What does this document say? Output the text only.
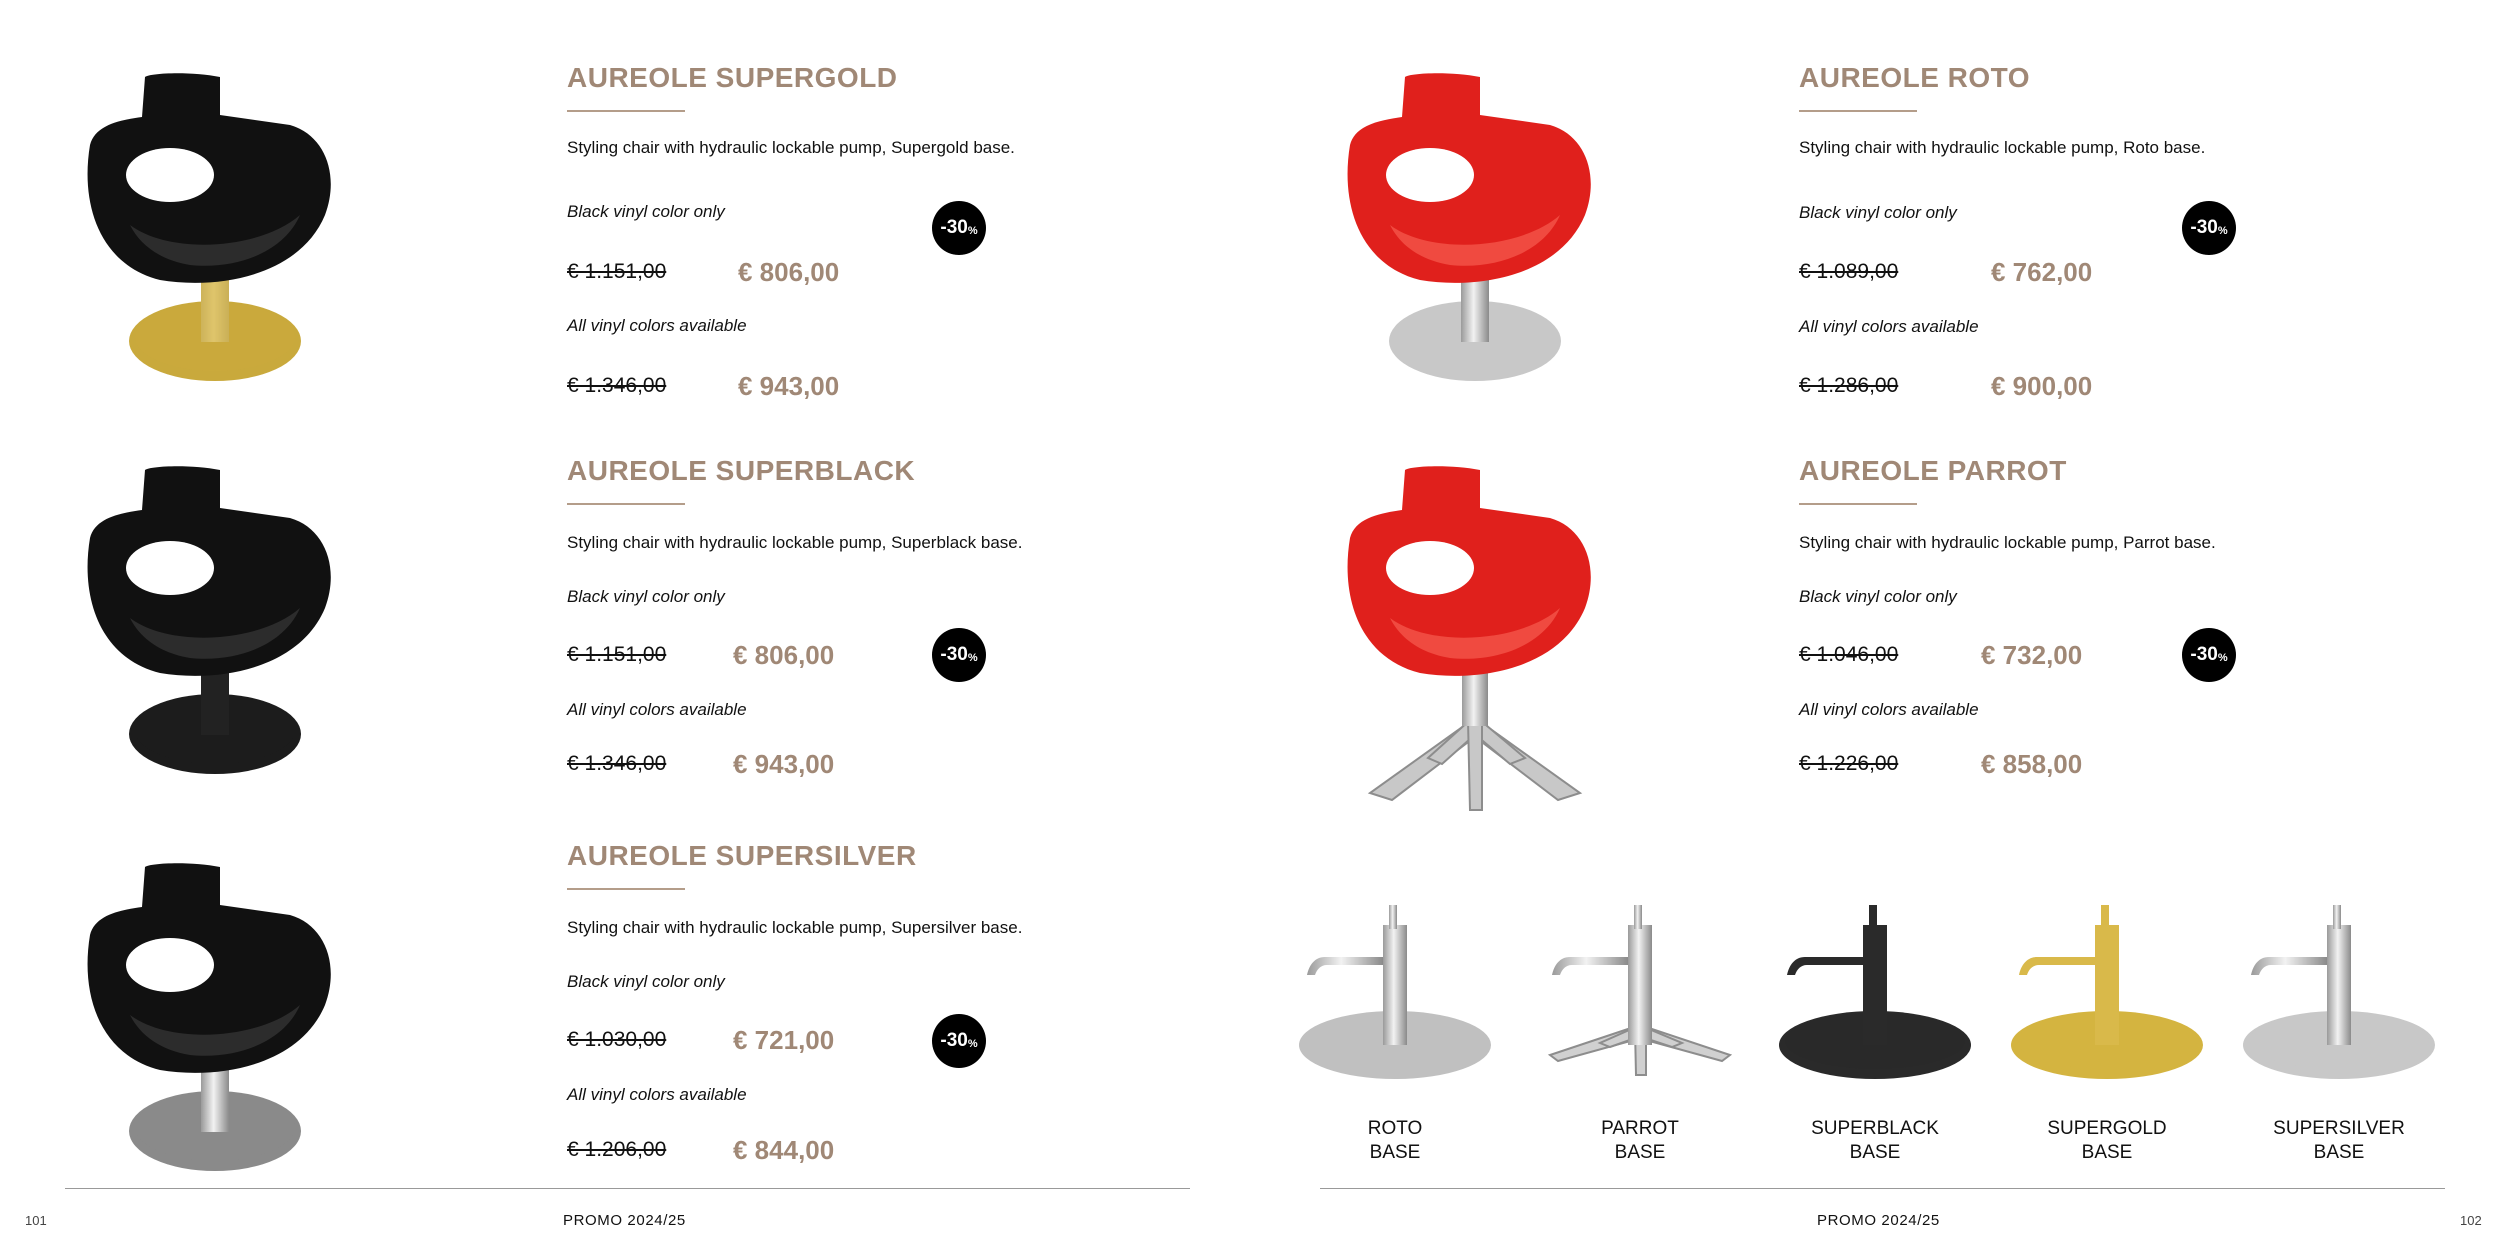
AUREOLE SUPERGOLD
Styling chair with hydraulic lockable pump, Supergold base.
Black vinyl color only
€ 1.151,00	€ 806,00
-30 %
All vinyl colors available
€ 1.346,00	€ 943,00
AUREOLE SUPERBLACK
Styling chair with hydraulic lockable pump, Superblack base.
Black vinyl color only
€ 1.151,00	€ 806,00	-30 %
All vinyl colors available
€ 1.346,00	€ 943,00
AUREOLE SUPERSILVER
Styling chair with hydraulic lockable pump, Supersilver base.
Black vinyl color only
€ 1.030,00	€ 721,00	-30 %
All vinyl colors available
€ 1.206,00	€ 844,00
AUREOLE ROTO
Styling chair with hydraulic lockable pump, Roto base.
Black vinyl color only
€ 1.089,00	€ 762,00
-30 %
All vinyl colors available
€ 1.286,00	€ 900,00
AUREOLE PARROT
Styling chair with hydraulic lockable pump, Parrot base.
Black vinyl color only
€ 1.046,00	€ 732,00	-30 %
All vinyl colors available
€ 1.226,00	€ 858,00
ROTO
BASE
PARROT
BASE
SUPERBLACK
BASE
SUPERGOLD
BASE
SUPERSILVER
BASE
101	PROMO 2024/25	PROMO 2024/25	102
